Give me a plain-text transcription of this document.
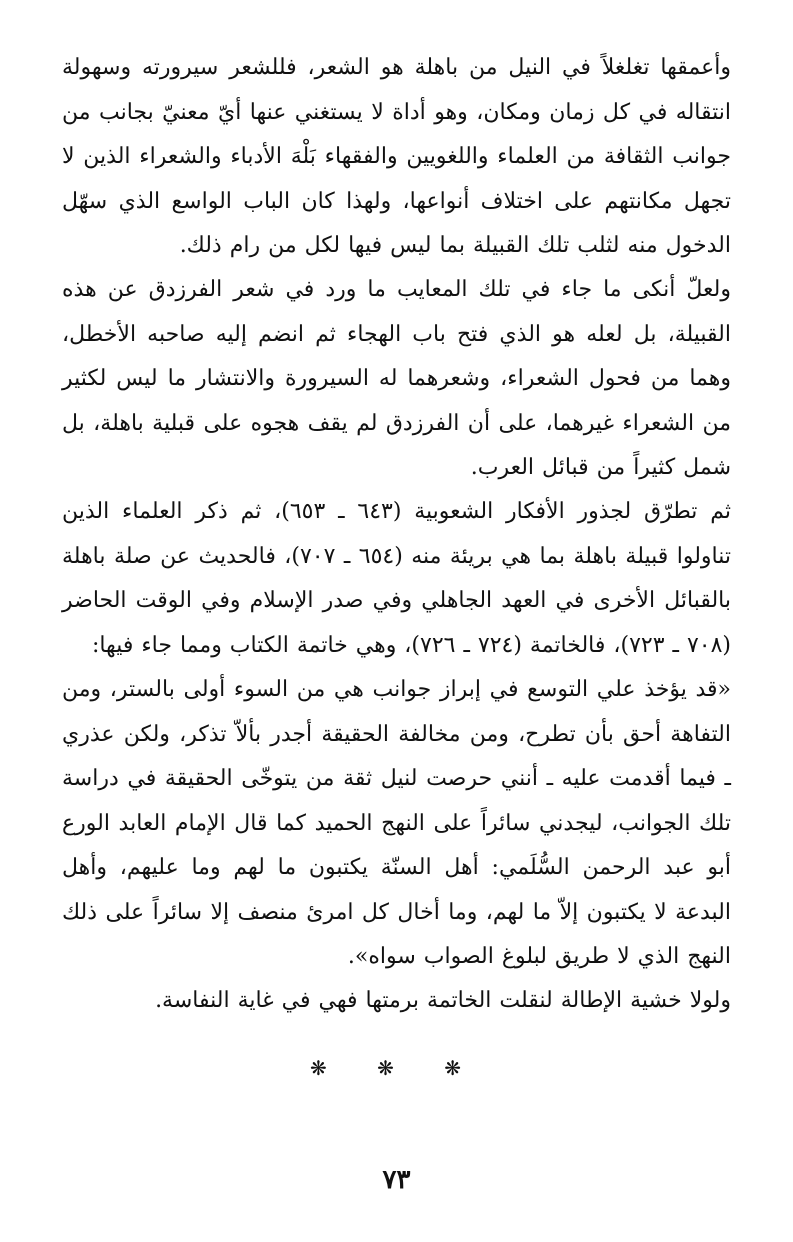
وأعمقها تغلغلاً في النيل من باهلة هو الشعر، فللشعر سيرورته وسهولة انتقاله في كل زمان ومكان، وهو أداة لا يستغني عنها أيّ معنيّ بجانب من جوانب الثقافة من العلماء واللغويين والفقهاء بَلْهَ الأدباء والشعراء الذين لا تجهل مكانتهم على اختلاف أنواعها، ولهذا كان الباب الواسع الذي سهّل الدخول منه لثلب تلك القبيلة بما ليس فيها لكل من رام ذلك.

ولعلّ أنكى ما جاء في تلك المعايب ما ورد في شعر الفرزدق عن هذه القبيلة، بل لعله هو الذي فتح باب الهجاء ثم انضم إليه صاحبه الأخطل، وهما من فحول الشعراء، وشعرهما له السيرورة والانتشار ما ليس لكثير من الشعراء غيرهما، على أن الفرزدق لم يقف هجوه على قبلية باهلة، بل شمل كثيراً من قبائل العرب.

ثم تطرّق لجذور الأفكار الشعوبية (٦٤٣ ـ ٦٥٣)، ثم ذكر العلماء الذين تناولوا قبيلة باهلة بما هي بريئة منه (٦٥٤ ـ ٧٠٧)، فالحديث عن صلة باهلة بالقبائل الأخرى في العهد الجاهلي وفي صدر الإسلام وفي الوقت الحاضر (٧٠٨ ـ ٧٢٣)، فالخاتمة (٧٢٤ ـ ٧٢٦)، وهي خاتمة الكتاب ومما جاء فيها:

«قد يؤخذ علي التوسع في إبراز جوانب هي من السوء أولى بالستر، ومن التفاهة أحق بأن تطرح، ومن مخالفة الحقيقة أجدر بألاّ تذكر، ولكن عذري ـ فيما أقدمت عليه ـ أنني حرصت لنيل ثقة من يتوخّى الحقيقة في دراسة تلك الجوانب، ليجدني سائراً على النهج الحميد كما قال الإمام العابد الورع أبو عبد الرحمن السُّلَمي: أهل السنّة يكتبون ما لهم وما عليهم، وأهل البدعة لا يكتبون إلاّ ما لهم، وما أخال كل امرئ منصف إلا سائراً على ذلك النهج الذي لا طريق لبلوغ الصواب سواه».

ولولا خشية الإطالة لنقلت الخاتمة برمتها فهي في غاية النفاسة.

❋ ❋ ❋
٧٣
